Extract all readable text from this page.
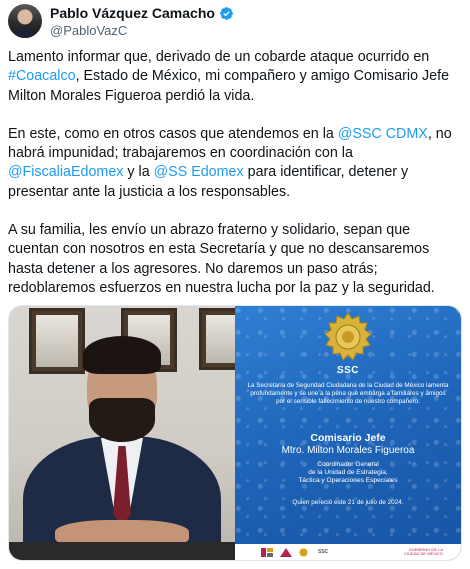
Pablo Vázquez Camacho
@PabloVazC

Lamento informar que, derivado de un cobarde ataque ocurrido en #Coacalco, Estado de México, mi compañero y amigo Comisario Jefe Milton Morales Figueroa perdió la vida.

En este, como en otros casos que atendemos en la @SSC CDMX, no habrá impunidad; trabajaremos en coordinación con la @FiscaliaEdomex y la @SS Edomex para identificar, detener y presentar ante la justicia a los responsables.

A su familia, les envío un abrazo fraterno y solidario, sepan que cuentan con nosotros en esta Secretaría y que no descansaremos hasta detener a los agresores. No daremos un paso atrás; redoblaremos esfuerzos en nuestra lucha por la paz y la seguridad.

SSC
La Secretaría de Seguridad Ciudadana de la Ciudad de México lamenta profundamente y se une a la pena que embarga a familiares y amigos por el sensible fallecimiento de nuestro compañero:
Comisario Jefe
Mtro. Milton Morales Figueroa
Coordinador General
de la Unidad de Estrategia,
Táctica y Operaciones Especiales
Quien pereció este 21 de julio de 2024.
SSC	GOBIERNO DE LA
CIUDAD DE MÉXICO
